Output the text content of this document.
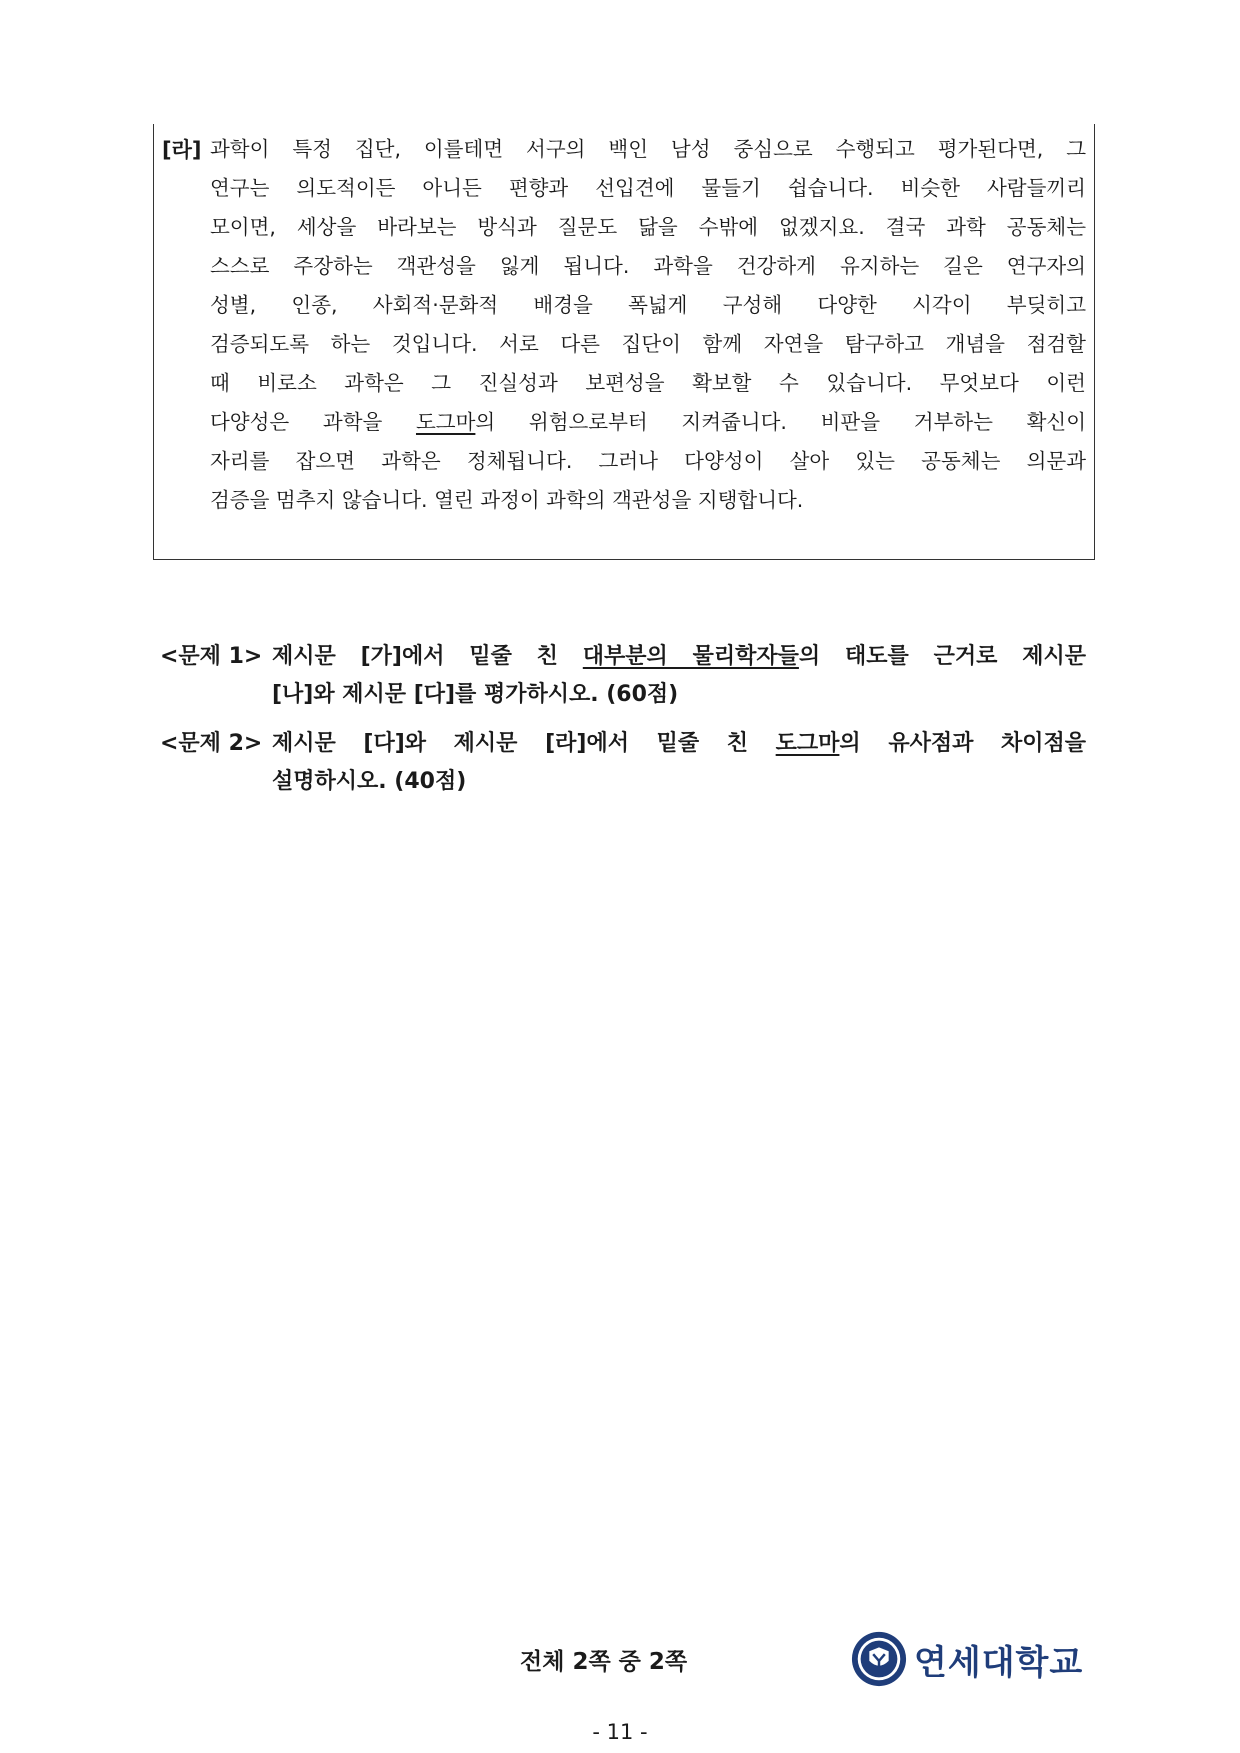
[라] 과학이 특정 집단, 이를테면 서구의 백인 남성 중심으로 수행되고 평가된다면, 그
연구는 의도적이든 아니든 편향과 선입견에 물들기 쉽습니다. 비슷한 사람들끼리
모이면, 세상을 바라보는 방식과 질문도 닮을 수밖에 없겠지요. 결국 과학 공동체는
스스로 주장하는 객관성을 잃게 됩니다. 과학을 건강하게 유지하는 길은 연구자의
성별, 인종, 사회적·문화적 배경을 폭넓게 구성해 다양한 시각이 부딪히고
검증되도록 하는 것입니다. 서로 다른 집단이 함께 자연을 탐구하고 개념을 점검할
때 비로소 과학은 그 진실성과 보편성을 확보할 수 있습니다. 무엇보다 이런
다양성은 과학을 도그마의 위험으로부터 지켜줍니다. 비판을 거부하는 확신이
자리를 잡으면 과학은 정체됩니다. 그러나 다양성이 살아 있는 공동체는 의문과
검증을 멈추지 않습니다. 열린 과정이 과학의 객관성을 지탱합니다.
<문제 1> 제시문 [가]에서 밑줄 친 대부분의 물리학자들의 태도를 근거로 제시문
[나]와 제시문 [다]를 평가하시오. (60점)
<문제 2> 제시문 [다]와 제시문 [라]에서 밑줄 친 도그마의 유사점과 차이점을
설명하시오. (40점)
전체 2쪽 중 2쪽	연세대학교
- 11 -
